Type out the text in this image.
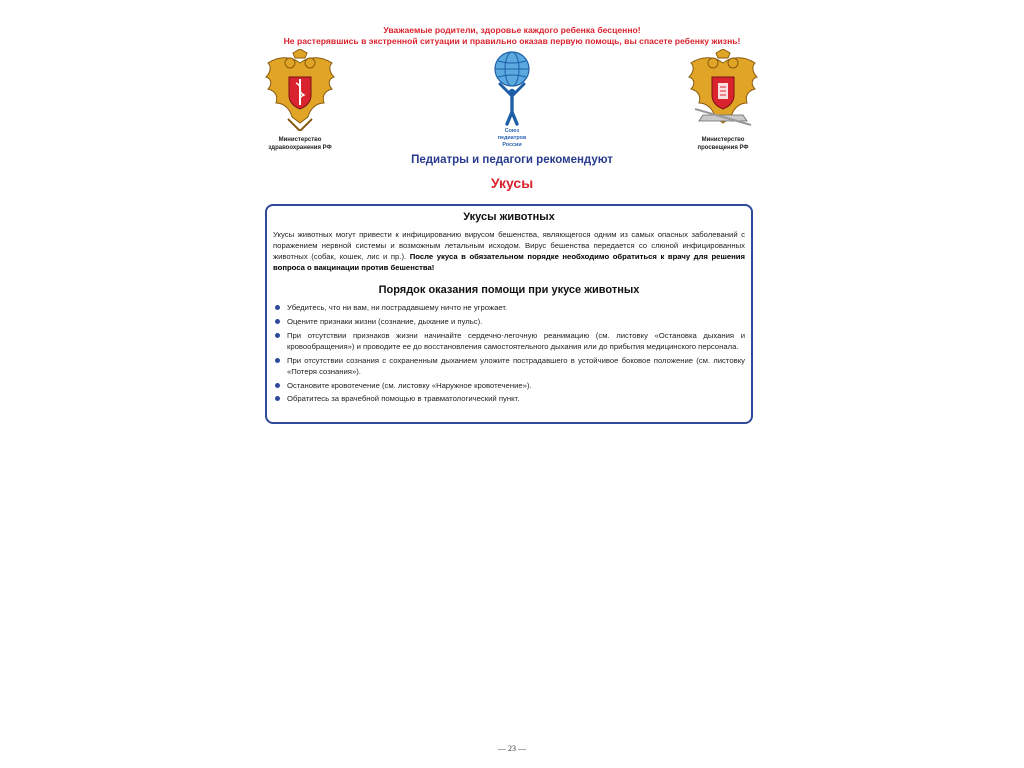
Уважаемые родители, здоровье каждого ребенка бесценно!
Не растерявшись в экстренной ситуации и правильно оказав первую помощь, вы спасете ребенку жизнь!
Министерство
здравоохранения РФ
Союз
педиатров
России
Министерство
просвещения РФ
Педиатры и педагоги рекомендуют
Укусы
Укусы животных

Укусы животных могут привести к инфицированию вирусом бешенства, являющегося одним из самых опасных заболеваний с поражением нервной системы и возможным летальным исходом. Вирус бешенства передается со слюной инфицированных животных (собак, кошек, лис и пр.). После укуса в обязательном порядке необходимо обратиться к врачу для решения вопроса о вакцинации против бешенства!

Порядок оказания помощи при укусе животных
Убедитесь, что ни вам, ни пострадавшему ничто не угрожает.
Оцените признаки жизни (сознание, дыхание и пульс).
При отсутствии признаков жизни начинайте сердечно-легочную реанимацию (см. листовку «Остановка дыхания и кровообращения») и проводите ее до восстановления самостоятельного дыхания или до прибытия медицинского персонала.
При отсутствии сознания с сохраненным дыханием уложите пострадавшего в устойчивое боковое положение (см. листовку «Потеря сознания»).
Остановите кровотечение (см. листовку «Наружное кровотечение»).
Обратитесь за врачебной помощью в травматологический пункт.
— 23 —
